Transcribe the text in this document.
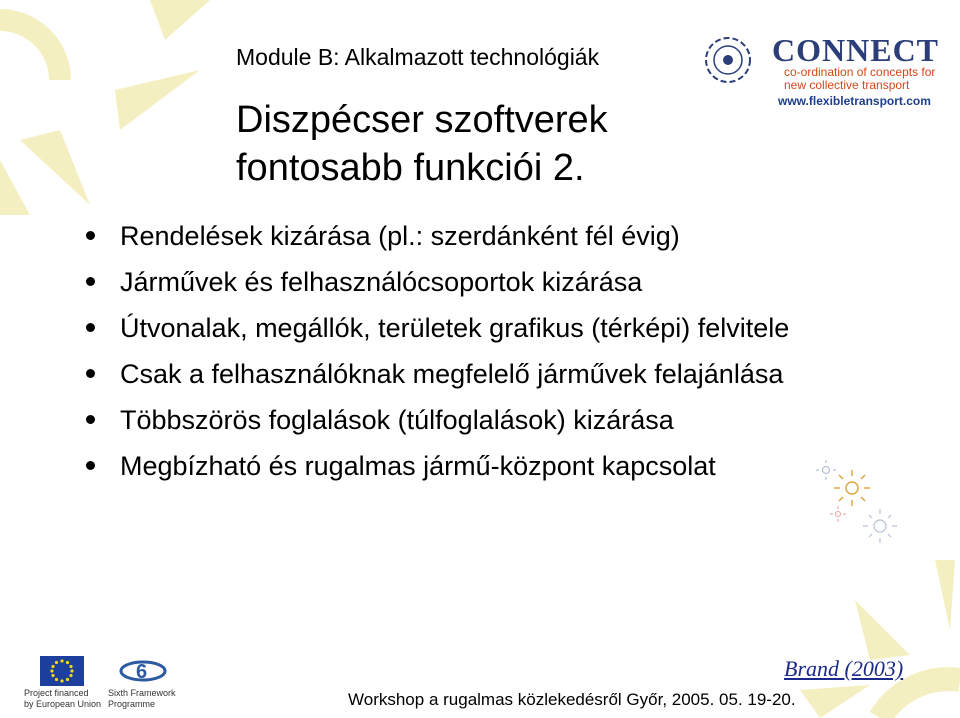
Module B: Alkalmazott technológiák
Diszpécser szoftverek
fontosabb funkciói 2.
CONNECT
co-ordination of concepts for
new collective transport
www.flexibletransport.com
Rendelések kizárása (pl.: szerdánként fél évig)
Járművek és felhasználócsoportok kizárása
Útvonalak, megállók, területek grafikus (térképi) felvitele
Csak a felhasználóknak megfelelő járművek felajánlása
Többszörös foglalások (túlfoglalások) kizárása
Megbízható és rugalmas jármű-központ kapcsolat
Project financed
by European Union
6
Sixth Framework
Programme
Brand (2003)
Workshop a rugalmas közlekedésről Győr, 2005. 05. 19-20.
